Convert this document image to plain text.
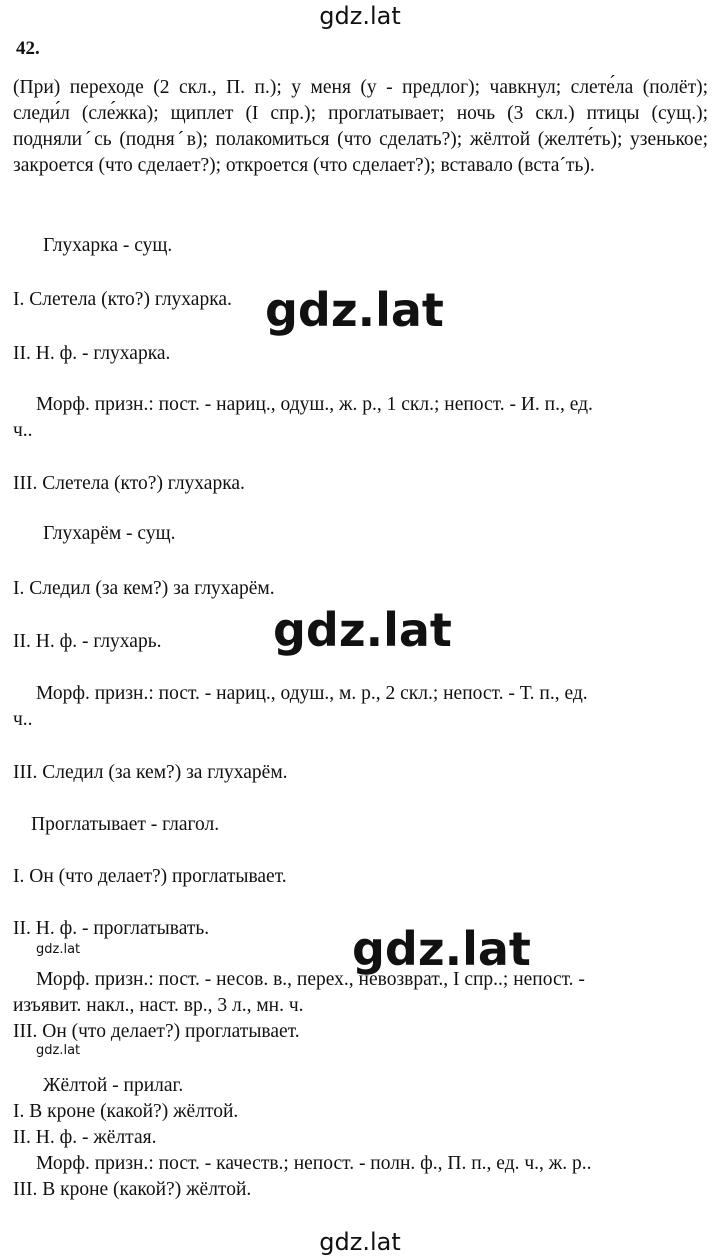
gdz.lat
gdz.lat
gdz.lat
gdz.lat
gdz.lat
gdz.lat
gdz.lat
42.
(При) переходе (2 скл., П. п.); у меня (у - предлог); чавкнул; слете́ла (полёт); следи́л (сле́жка); щиплет (I спр.); проглатывает; ночь (3 скл.) птицы (сущ.); поднялиˊсь (подняˊв); полакомиться (что сделать?); жёлтой (желте́ть); узенькое; закроется (что сделает?); откроется (что сделает?); вставало (встаˊть).
Глухарка - сущ.
I. Слетела (кто?) глухарка.
II. Н. ф. - глухарка.
Морф. призн.: пост. - нариц., одуш., ж. р., 1 скл.; непост. - И. п., ед.
ч..
III. Слетела (кто?) глухарка.
Глухарём - сущ.
I. Следил (за кем?) за глухарём.
II. Н. ф. - глухарь.
Морф. призн.: пост. - нариц., одуш., м. р., 2 скл.; непост. - Т. п., ед.
ч..
III. Следил (за кем?) за глухарём.
Проглатывает - глагол.
I. Он (что делает?) проглатывает.
II. Н. ф. - проглатывать.
Морф. призн.: пост. - несов. в., перех., невозврат., I спр..; непост. -
изъявит. накл., наст. вр., 3 л., мн. ч.
III. Он (что делает?) проглатывает.
Жёлтой - прилаг.
I. В кроне (какой?) жёлтой.
II. Н. ф. - жёлтая.
Морф. призн.: пост. - качеств.; непост. - полн. ф., П. п., ед. ч., ж. р..
III. В кроне (какой?) жёлтой.
